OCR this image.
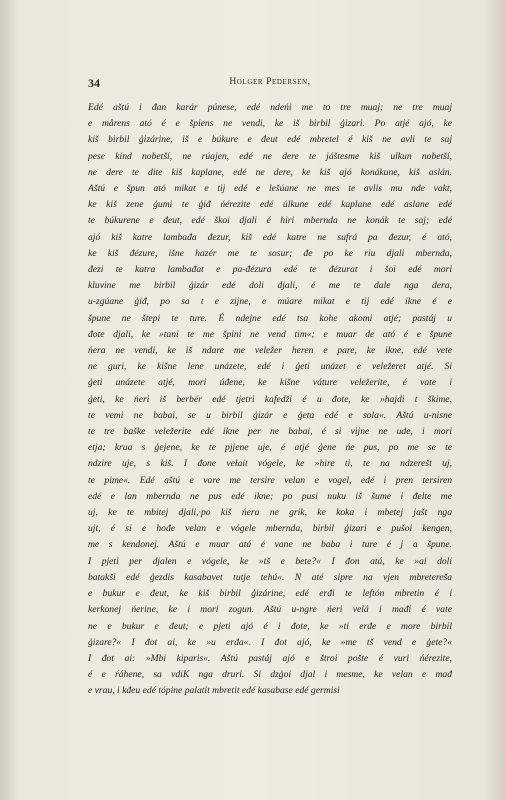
34	Holger Pedersen,
Edé aštú i đan karár púnese, edé ndeńi me to tre muaj; ne tre muaj
e mårens ató é e špiens ne vendi, ke iš birbil ģizari. Po atjé ajó, ke
kiš birbil ģizárine, iš e búkure e đeut edé mbretel é kiš ne avli te saj
pese kind nobetší, ne rúajen, edé ne dere te jáštesme kiš ulkun nobetší,
ne dere te dite kiš kaplane, edé ne dere, ke kiš ajó konákune, kiš aslán.
Aštú e špun ató mikat e tij edé e lešúane ne mes te avlis mu nde vakt,
ke kiš zene ģumi te ģiđ ńérezite edé úlkune edé kaplane edé aslane edé
te búkurene e đeut, edé škoi djali é hiri mbernda ne konák te saj; edé
ajó kiš katre lambađa đezur, kiš edé katre ne sufrá pa đezur, é ató,
ke kiš đézure, išne hazér me te sosur; đe po ke riu djali mbernda,
đezi te katra lambađat e pa-đézura edé te đézurat i šoi edé mori
kluvine me birbil ģizár edé doli djali, é me te dale nga dera,
u-zgúane ģiđ, po sa t e zijne, e múarе mikat e tij edé ikne é e
špune ne štepi te ture. É ndejne edé tsa kohe akomi atjé; pastáj u
đote djali, ke »tani te me špini ne vend tim«; e muar de ató é e špune
ńera ne vendi, ke iš ndare me veležer heren e pare, ke ikne, edé vete
ne guri, ke kišne lene unázete, edé i ģeti unázet e veležeret atjé. Si
ģeti unázete atjé, mori úđene, ke kišne váture veležerite, é vate i
ģeti, ke ńeri iš berbér edé tjetri kafedži é u đote, ke »hajdi t škime,
te vemi ne babai, se u birbil ģizár e ģeta edé e sola«. Aštú u-nisne
te tre baške veležerite edé ikne per ne babai, é si vijne ne udе, i mori
etja; krua s ģejene, ke te pjjene uje, é atjé ģene ńe pus, po me se te
ndzire uje, s kiš. I đone vełait vógele, ke »hire ti, te na ndzerešt uj,
te pime«. Edé aštú e vare me tersire velan e vogel, edé i pren tersiren
edé e lan mbernda ne pus edé ikne; po pusi nuku iš šume i đelte me
uj, ke te mbitej djali,·po kiš ńera ne grik, ke koka i mbetej jašt nga
ujt, é si e hođe velan e vógele mbernda, birbil ģizari e pušoi kengen,
me s kendonej. Aštú e muar atá é vane ne baba i ture é j a špune.
I pjeti per djalen e vógele, ke »tš e bete?« I đon atá, ke »ai doli
batakši edé ģezdis kasabavet tutje tehú«. N até sipre na vjen mbretereša
e bukur e đeut, ke kiš birbil ģizárine, edé erđi te leftón mbretin é i
kerkonej ńerine, ke i mori zogun. Aštú u-ngre ńeri velá i mađi é vate
ne e bukur e đeut; e pjeti ajó é i đote, ke »ti erđe e more birbil
ģizare?« I đot ai, ke »u erđa«. I đot ajó, ke »me tš vend e ģete?«
I đot ai: »Mbi kiparis«. Aštú pastáj ajó e štroi pošte é vuri ńérezite,
é e ŕáhene, sa vdiK nga druri. Si dzģoi djal i mesme, ke velan e mađ
e vrau, i kđeu edé tópine palatit mbretit edé kasabase edé germisi
